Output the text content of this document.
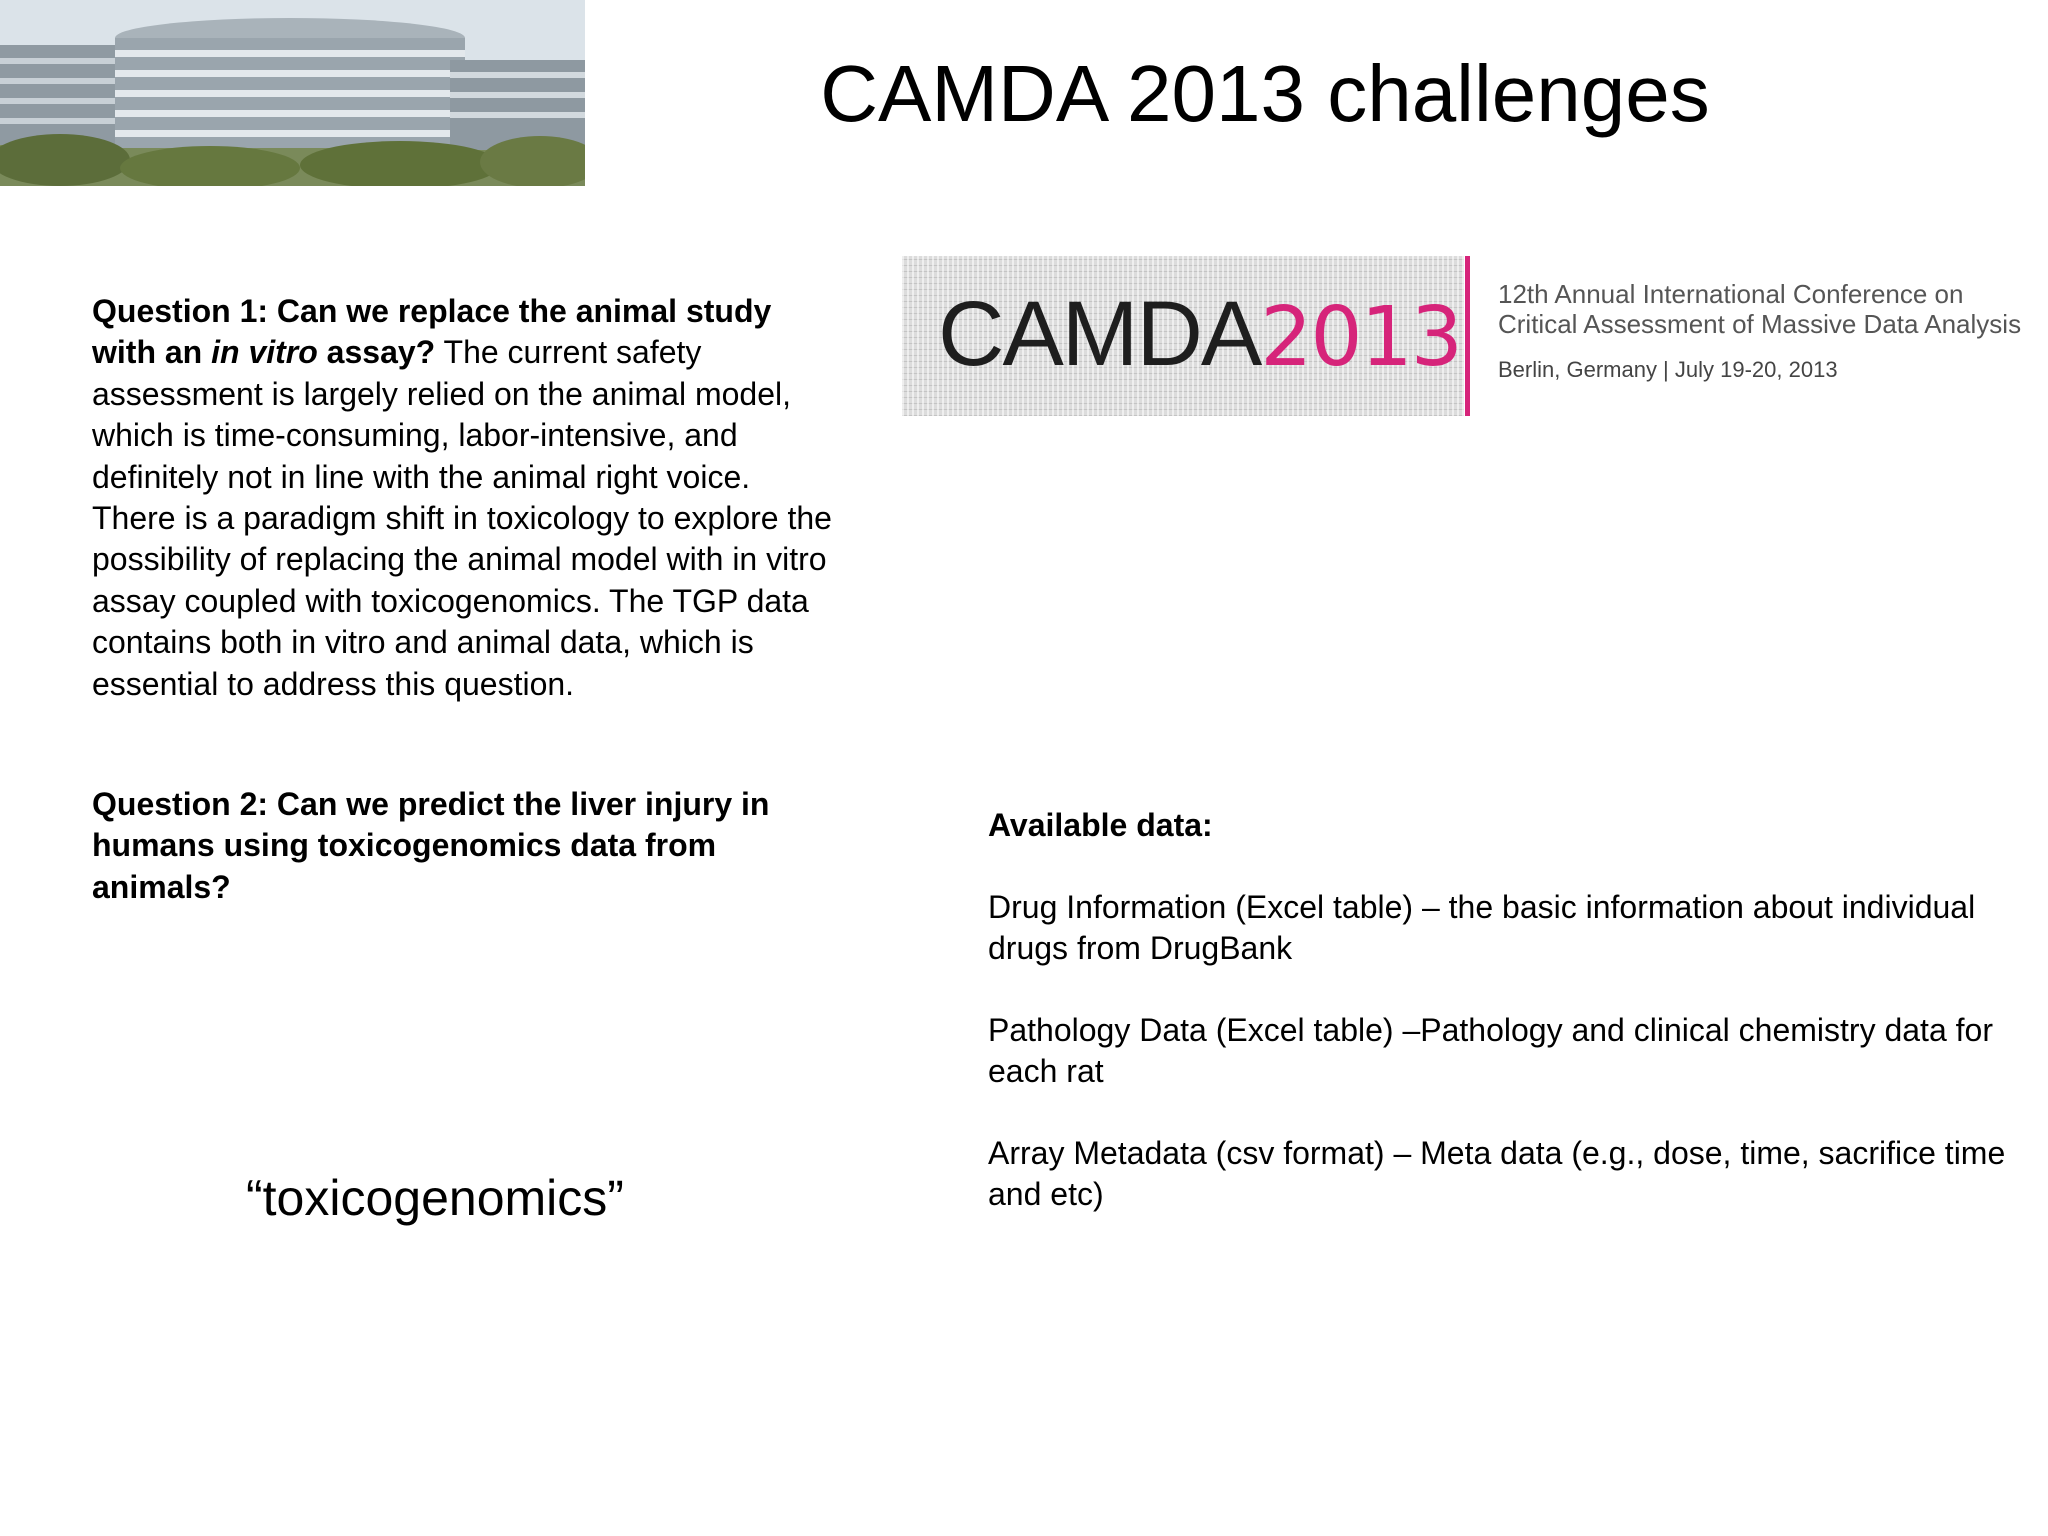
CAMDA 2013 challenges
CAMDA2013 12th Annual International Conference on
Critical Assessment of Massive Data Analysis
Berlin, Germany | July 19-20, 2013
Question 1: Can we replace the animal study with an in vitro assay? The current safety assessment is largely relied on the animal model, which is time-consuming, labor-intensive, and definitely not in line with the animal right voice. There is a paradigm shift in toxicology to explore the possibility of replacing the animal model with in vitro assay coupled with toxicogenomics. The TGP data contains both in vitro and animal data, which is essential to address this question.
Question 2: Can we predict the liver injury in humans using toxicogenomics data from animals?
“toxicogenomics”
Available data:
Drug Information (Excel table) – the basic information about individual drugs from DrugBank
Pathology Data (Excel table) –Pathology and clinical chemistry data for each rat
Array Metadata (csv format) – Meta data (e.g., dose, time, sacrifice time and etc)
